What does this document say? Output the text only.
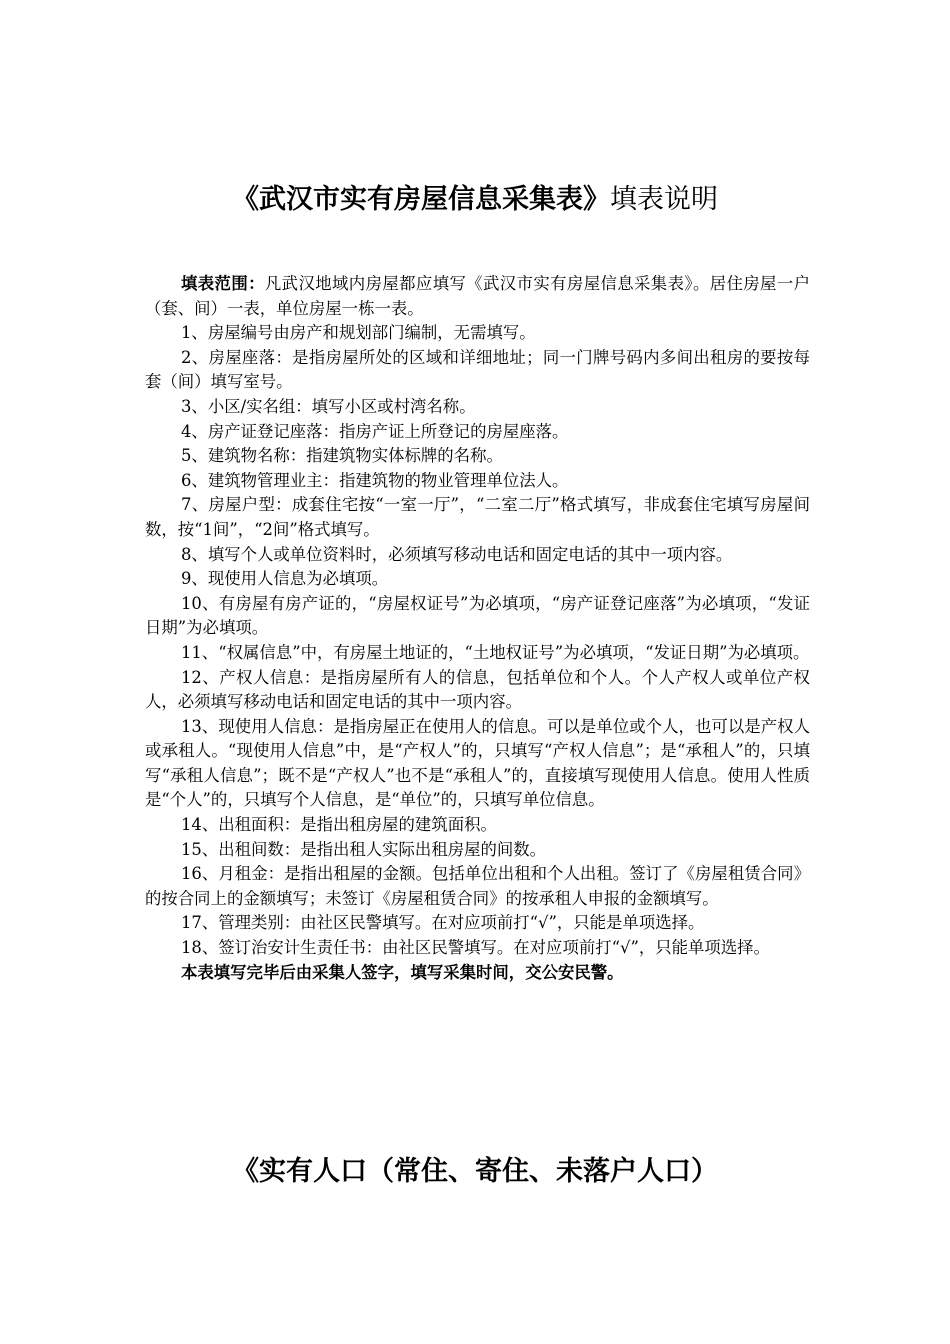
《武汉市实有房屋信息采集表》填表说明

填表范围：凡武汉地域内房屋都应填写《武汉市实有房屋信息采集表》。居住房屋一户（套、间）一表，单位房屋一栋一表。

1、房屋编号由房产和规划部门编制，无需填写。

2、房屋座落：是指房屋所处的区域和详细地址；同一门牌号码内多间出租房的要按每套（间）填写室号。

3、小区/实名组：填写小区或村湾名称。

4、房产证登记座落：指房产证上所登记的房屋座落。

5、建筑物名称：指建筑物实体标牌的名称。

6、建筑物管理业主：指建筑物的物业管理单位法人。

7、房屋户型：成套住宅按“一室一厅”，“二室二厅”格式填写，非成套住宅填写房屋间数，按“1间”，“2间”格式填写。

8、填写个人或单位资料时，必须填写移动电话和固定电话的其中一项内容。

9、现使用人信息为必填项。

10、有房屋有房产证的，“房屋权证号”为必填项，“房产证登记座落”为必填项，“发证日期”为必填项。

11、“权属信息”中，有房屋土地证的，“土地权证号”为必填项，“发证日期”为必填项。

12、产权人信息：是指房屋所有人的信息，包括单位和个人。个人产权人或单位产权人，必须填写移动电话和固定电话的其中一项内容。

13、现使用人信息：是指房屋正在使用人的信息。可以是单位或个人，也可以是产权人或承租人。“现使用人信息”中，是“产权人”的，只填写“产权人信息”；是“承租人”的，只填写“承租人信息”；既不是“产权人”也不是“承租人”的，直接填写现使用人信息。使用人性质是“个人”的，只填写个人信息，是“单位”的，只填写单位信息。

14、出租面积：是指出租房屋的建筑面积。

15、出租间数：是指出租人实际出租房屋的间数。

16、月租金：是指出租屋的金额。包括单位出租和个人出租。签订了《房屋租赁合同》的按合同上的金额填写；未签订《房屋租赁合同》的按承租人申报的金额填写。

17、管理类别：由社区民警填写。在对应项前打“√”，只能是单项选择。

18、签订治安计生责任书：由社区民警填写。在对应项前打“√”，只能单项选择。

本表填写完毕后由采集人签字，填写采集时间，交公安民警。

《实有人口（常住、寄住、未落户人口）
